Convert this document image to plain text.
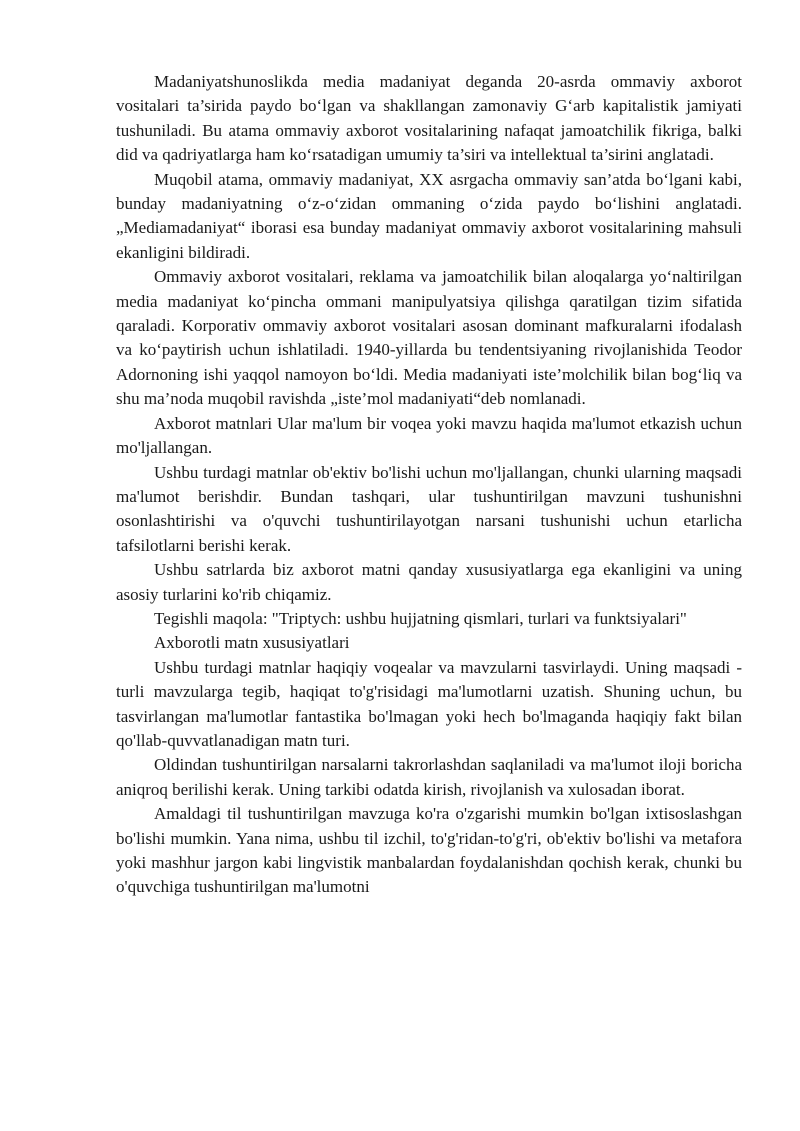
Madaniyatshunoslikda media madaniyat deganda 20-asrda ommaviy axborot vositalari ta’sirida paydo bo‘lgan va shakllangan zamonaviy G‘arb kapitalistik jamiyati tushuniladi. Bu atama ommaviy axborot vositalarining nafaqat jamoatchilik fikriga, balki did va qadriyatlarga ham ko‘rsatadigan umumiy ta’siri va intellektual ta’sirini anglatadi.

Muqobil atama, ommaviy madaniyat, XX asrgacha ommaviy san’atda bo‘lgani kabi, bunday madaniyatning o‘z-o‘zidan ommaning o‘zida paydo bo‘lishini anglatadi. „Mediamadaniyat“ iborasi esa bunday madaniyat ommaviy axborot vositalarining mahsuli ekanligini bildiradi.

Ommaviy axborot vositalari, reklama va jamoatchilik bilan aloqalarga yo‘naltirilgan media madaniyat ko‘pincha ommani manipulyatsiya qilishga qaratilgan tizim sifatida qaraladi. Korporativ ommaviy axborot vositalari asosan dominant mafkuralarni ifodalash va ko‘paytirish uchun ishlatiladi. 1940-yillarda bu tendentsiyaning rivojlanishida Teodor Adornoning ishi yaqqol namoyon bo‘ldi. Media madaniyati iste’molchilik bilan bog‘liq va shu ma’noda muqobil ravishda „iste’mol madaniyati“deb nomlanadi.

Axborot matnlari Ular ma'lum bir voqea yoki mavzu haqida ma'lumot etkazish uchun mo'ljallangan.

Ushbu turdagi matnlar ob'ektiv bo'lishi uchun mo'ljallangan, chunki ularning maqsadi ma'lumot berishdir. Bundan tashqari, ular tushuntirilgan mavzuni tushunishni osonlashtirishi va o'quvchi tushuntirilayotgan narsani tushunishi uchun etarlicha tafsilotlarni berishi kerak.

Ushbu satrlarda biz axborot matni qanday xususiyatlarga ega ekanligini va uning asosiy turlarini ko'rib chiqamiz.

Tegishli maqola: "Triptych: ushbu hujjatning qismlari, turlari va funktsiyalari"

Axborotli matn xususiyatlari

Ushbu turdagi matnlar haqiqiy voqealar va mavzularni tasvirlaydi. Uning maqsadi - turli mavzularga tegib, haqiqat to'g'risidagi ma'lumotlarni uzatish. Shuning uchun, bu tasvirlangan ma'lumotlar fantastika bo'lmagan yoki hech bo'lmaganda haqiqiy fakt bilan qo'llab-quvvatlanadigan matn turi.

Oldindan tushuntirilgan narsalarni takrorlashdan saqlaniladi va ma'lumot iloji boricha aniqroq berilishi kerak. Uning tarkibi odatda kirish, rivojlanish va xulosadan iborat.

Amaldagi til tushuntirilgan mavzuga ko'ra o'zgarishi mumkin bo'lgan ixtisoslashgan bo'lishi mumkin. Yana nima, ushbu til izchil, to'g'ridan-to'g'ri, ob'ektiv bo'lishi va metafora yoki mashhur jargon kabi lingvistik manbalardan foydalanishdan qochish kerak, chunki bu o'quvchiga tushuntirilgan ma'lumotni
